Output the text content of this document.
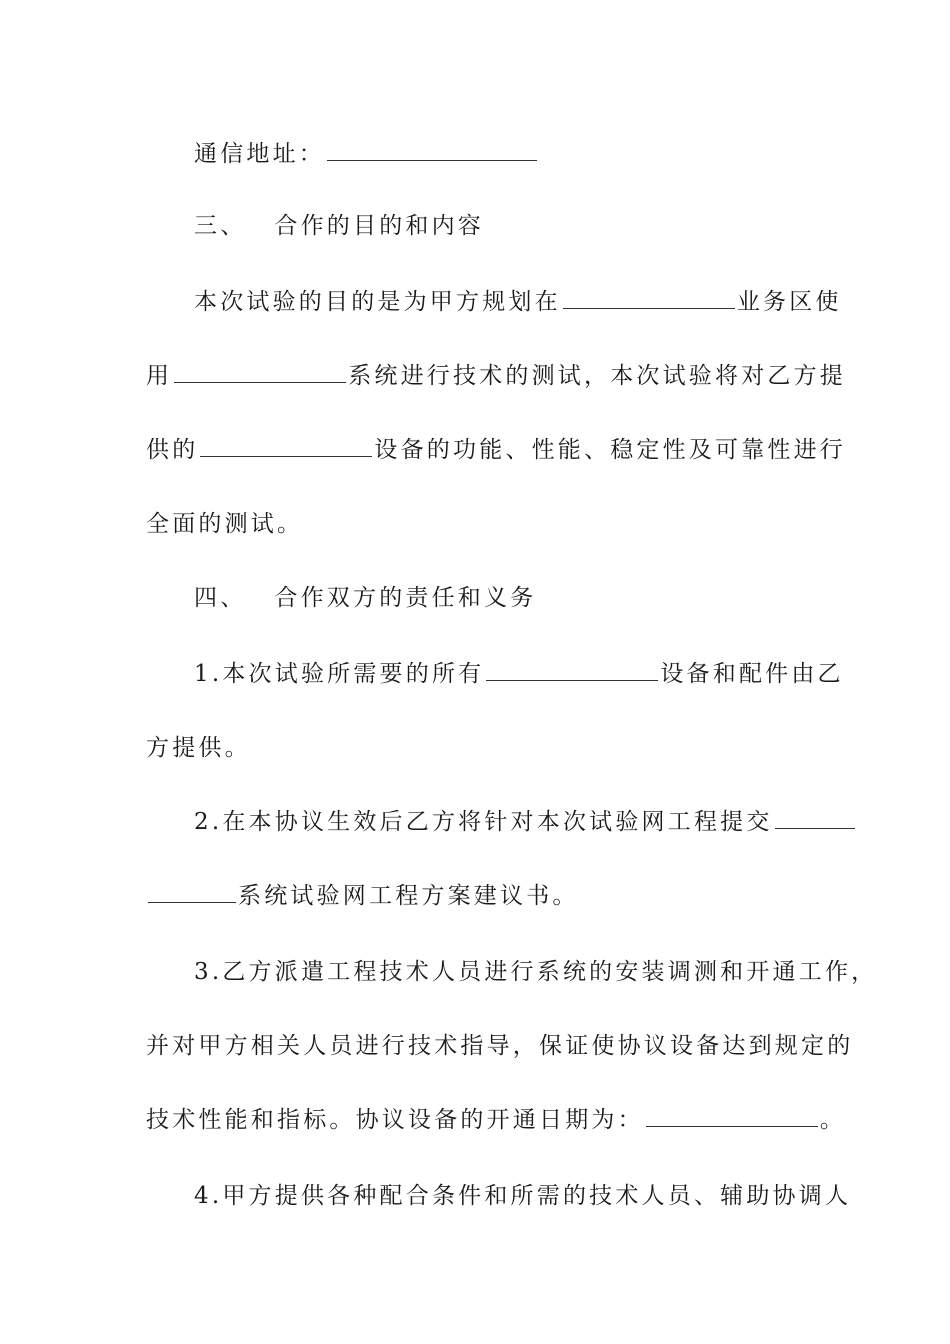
通信地址：
三、 合作的目的和内容
本次试验的目的是为甲方规划在	业务区使
用	系统进行技术的测试，本次试验将对乙方提
供的	设备的功能、性能、稳定性及可靠性进行
全面的测试。
四、 合作双方的责任和义务
1.本次试验所需要的所有	设备和配件由乙
方提供。
2.在本协议生效后乙方将针对本次试验网工程提交
系统试验网工程方案建议书。
3.乙方派遣工程技术人员进行系统的安装调测和开通工作，
并对甲方相关人员进行技术指导，保证使协议设备达到规定的
技术性能和指标。协议设备的开通日期为：	。
4.甲方提供各种配合条件和所需的技术人员、辅助协调人
